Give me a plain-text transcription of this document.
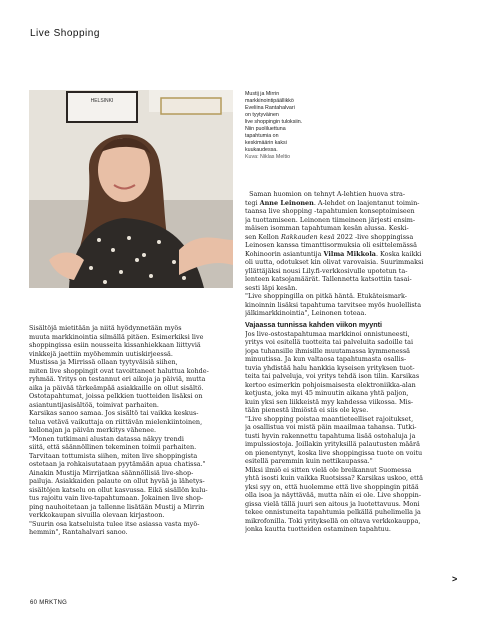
Live Shopping
HELSINKI
Mustij ja Mirrin
markkinointipäällikkö
Eveliina Rantahalvari
on tyytyväinen
live shoppingin tuloksiin.
Niin puoliluettuna
tapahtumia on
keskimäärin kaksi
kuukaudessa.
Kuva: Niklas Meltio

Sisältöjä mietitään ja niitä hyödynnetään myös
muuta markkinointia silmällä pitäen. Esimerkiksi live
shoppingissa esiin nousseita kissanhiekkaan liittyviä
vinkkejä jaettiin myöhemmin uutiskirjeessä.

Mustissa ja Mirrissä ollaan tyytyväisiä siihen,
miten live shoppingit ovat tavoittaneet haluttua kohde-
ryhmää. Yritys on testannut eri aikoja ja päiviä, mutta
aika ja päivää tärkeämpää asiakkaille on ollut sisältö.
Ostotapahtumat, joissa pelkkien tuotteiden lisäksi on
asiantuntijasisältöä, toimivat parhaiten.

Karsikas sanoo samaa. Jos sisältö tai vaikka keskus-
telua vetävä vaikuttaja on riittävän mielenkiintoinen,
kellonajan ja päivän merkitys vähenee.

"Monen tutkimani alustan datassa näkyy trendi
siitä, että säännöllinen tekeminen toimii parhaiten.
Tarvitaan tottumista siihen, miten live shoppingista
ostetaan ja rohkaisutataan pyytämään apua chatissa."

Ainakin Mustija Mirrijatkaa säännöllisiä live-shop-
pailuja. Asiakkaiden palaute on ollut hyvää ja lähetys-
sisältöjen katselu on ollut kasvussa. Eikä sisällön kulu-
tus rajoitu vain live-tapahtumaan. Jokainen live shop-
ping nauhoitetaan ja tallenne lisätään Mustij a Mirrin
verkkokaupan sivuilla olevaan kirjastoon.

"Suurin osa katseluista tulee itse asiassa vasta myö-
hemmin", Rantahalvari sanoo.

Saman huomion on tehnyt A-lehtien huova stra-
tegi Anne Leinonen. A-lehdet on laajentanut toimin-
taansa live shopping -tapahtumien konseptoimiseen
ja tuottamiseen. Leinonen tiimeineen järjesti ensim-
mäisen isomman tapahtuman kesän alussa. Keski-
sen Kellon Rakkauden kesä 2022 -live shoppingissa
Leinosen kanssa timanttisormuksia oli esittelemässä
Kohinoorin asiantuntija Vilma Mikkola. Koska kaikki
oli uutta, odotukset kin olivat varovaisia. Suurimmaksi
yllättäjäksi nousi Lily.fi-verkkosivulle upotetun ta-
lenteen katsojamäärät. Tallennetta katsottiin tasai-
sesti läpi kesän.

"Live shoppingilla on pitkä häntä. Etukäteismark-
kinoinnin lisäksi tapahtuma tarvitsee myös huolellista
jälkimarkkinointia", Leinonen toteaa.

Vajaassa tunnissa kahden viikon myynti

Jos live-ostostapahtumaa markkinoi onnistuneesti,
yritys voi esitellä tuotteita tai palveluita sadoille tai
jopa tuhansille ihmisille muutamassa kymmenessä
minuutissa. Ja kun valtaosa tapahtumasta osallis-
tuvia yhdistää halu hankkia kyseisen yrityksen tuot-
teita tai palveluja, voi yritys tehdä ison tilin. Karsikas
kertoo esimerkin pohjoismaisesta elektroniikka-alan
ketjusta, joka myi 45 minuutin aikana yhtä paljon,
kuin yksi sen liikkeistä myy kahdessa viikossa. Mis-
tään pienestä ilmiöstä ei siis ole kyse.

"Live shopping poistaa maantieteelliset rajoitukset,
ja osallistua voi mistä päin maailmaa tahansa. Tutki-
tusti hyvin rakennettu tapahtuma lisää ostohaluja ja
impulssiostoja. Joillakin yrityksillä palautusten määrä
on pienentynyt, koska live shoppingissa tuote on voitu
esitellä paremmin kuin nettikaupassa."

Miksi ilmiö ei sitten vielä ole breikannut Suomessa
yhtä isosti kuin vaikka Ruotsissa? Karsikas uskoo, että
yksi syy on, että huolemme että live shoppingin pitää
olla isoa ja näyttävää, mutta näin ei ole. Live shoppin-
gissa vielä tällä juuri sen aitous ja luotettavuus. Moni
tekee onnistuneita tapahtumia pelkällä puhelimella ja
mikrofonilla. Toki yrityksellä on oltava verkkokauppa,
jonka kautta tuotteiden ostaminen tapahtuu.

>
60 MRKTNG
